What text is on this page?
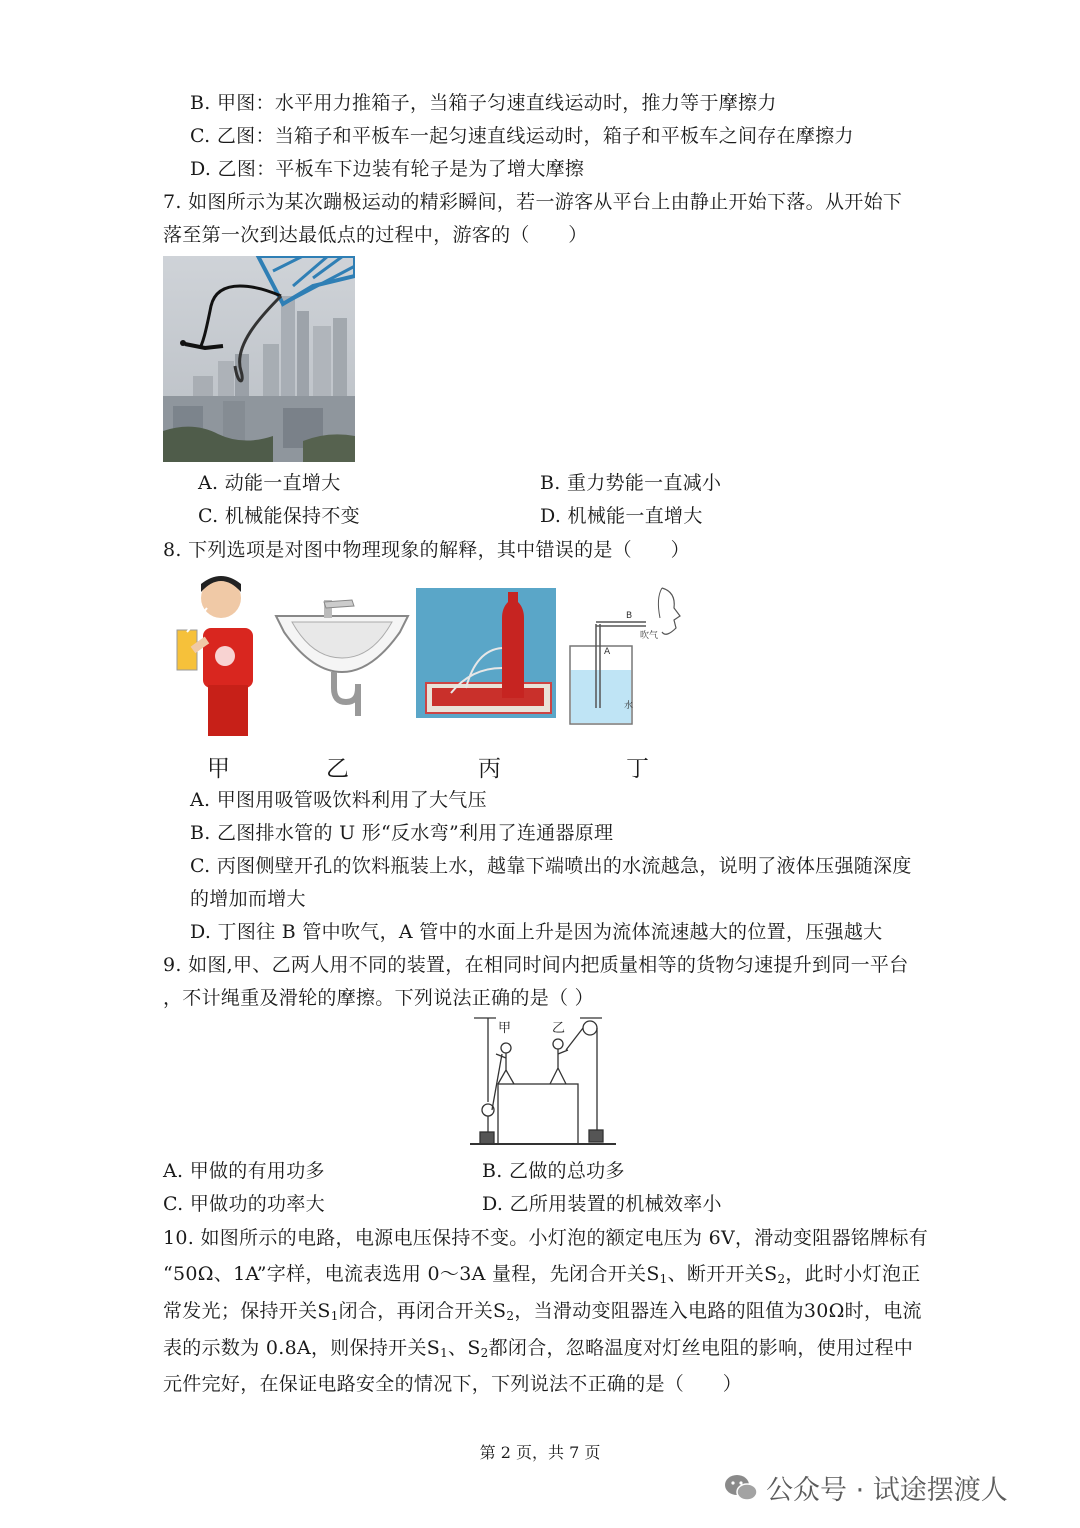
B. 甲图：水平用力推箱子，当箱子匀速直线运动时，推力等于摩擦力
C. 乙图：当箱子和平板车一起匀速直线运动时，箱子和平板车之间存在摩擦力
D. 乙图：平板车下边装有轮子是为了增大摩擦
7. 如图所示为某次蹦极运动的精彩瞬间，若一游客从平台上由静止开始下落。从开始下
落至第一次到达最低点的过程中，游客的（　　）
A. 动能一直增大	B. 重力势能一直减小
C. 机械能保持不变	D. 机械能一直增大
8. 下列选项是对图中物理现象的解释，其中错误的是（　　）
B
A
吹气
水
甲	乙	丙	丁
A. 甲图用吸管吸饮料利用了大气压
B. 乙图排水管的 U 形“反水弯”利用了连通器原理
C. 丙图侧壁开孔的饮料瓶装上水，越靠下端喷出的水流越急，说明了液体压强随深度
的增加而增大
D. 丁图往 B 管中吹气，A 管中的水面上升是因为流体流速越大的位置，压强越大
9. 如图,甲、乙两人用不同的装置，在相同时间内把质量相等的货物匀速提升到同一平台
，不计绳重及滑轮的摩擦。下列说法正确的是（ ）
甲	乙
A. 甲做的有用功多	B. 乙做的总功多
C. 甲做功的功率大	D. 乙所用装置的机械效率小
10. 如图所示的电路，电源电压保持不变。小灯泡的额定电压为 6V，滑动变阻器铭牌标有
“50Ω、1A”字样，电流表选用 0～3A 量程，先闭合开关$S_1$、断开开关$S_2$，此时小灯泡正
常发光；保持开关$S_1$闭合，再闭合开关$S_2$，当滑动变阻器连入电路的阻值为30Ω时，电流
表的示数为 0.8A，则保持开关$S_1$、$S_2$都闭合，忽略温度对灯丝电阻的影响，使用过程中
元件完好，在保证电路安全的情况下，下列说法不正确的是（　　）
第 2 页，共 7 页
公众号 · 试途摆渡人
